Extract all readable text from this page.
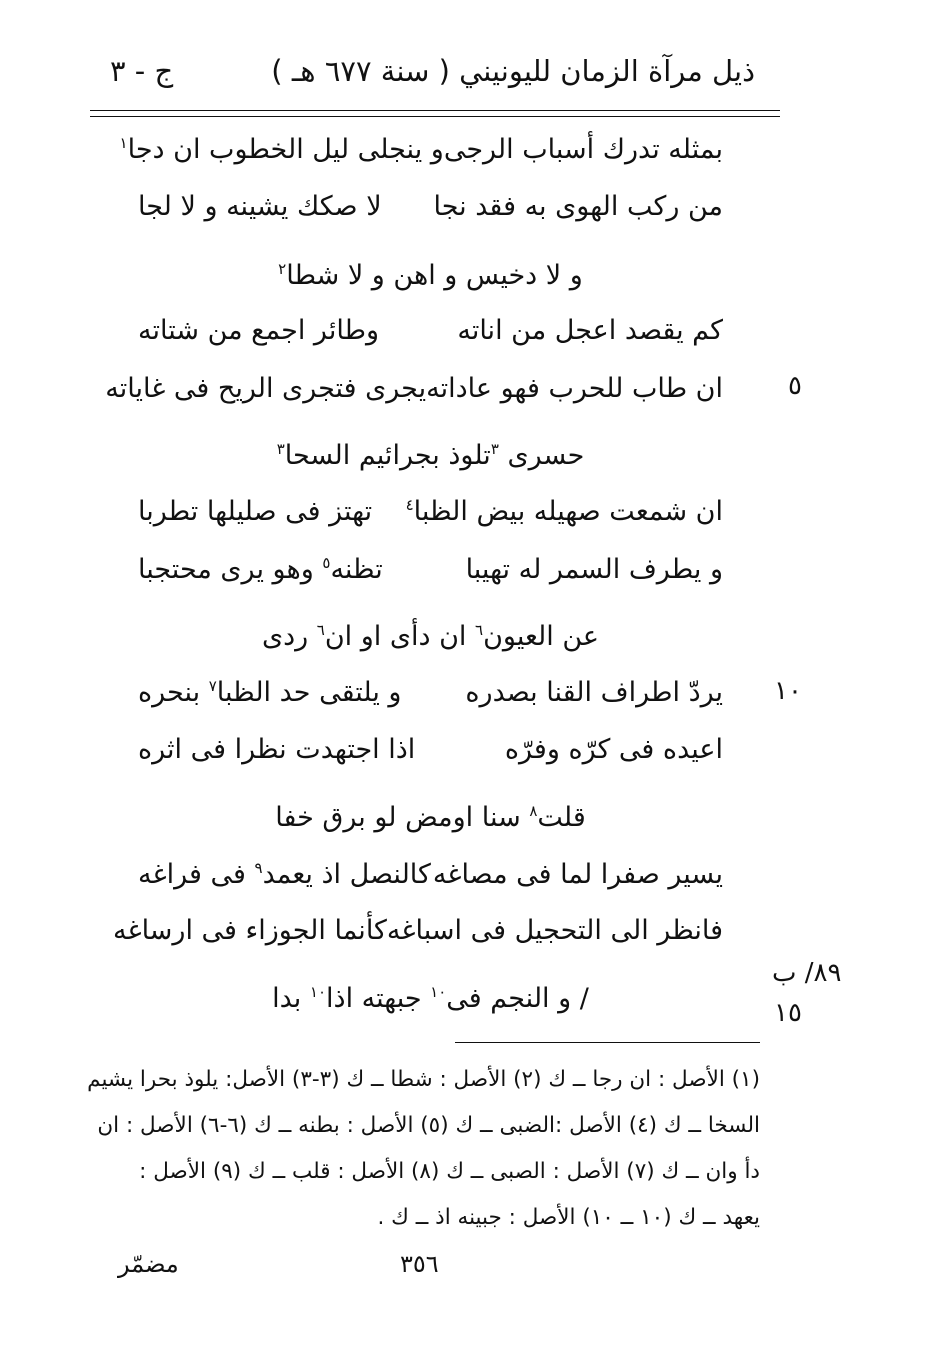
ذيل مرآة الزمان لليونيني ( سنة ٦٧٧ هـ )
ج - ٣
بمثله تدرك أسباب الرجى
و ينجلى ليل الخطوب ان دجا$^١$
من ركب الهوى به فقد نجا
لا صكك يشينه و لا لجا
و لا دخيس و اهن و لا شطا$^٢$
كم يقصد اعجل من اناته
وطائر اجمع من شتاته
ان طاب للحرب فهو عاداته
يجرى فتجرى الريح فى غاياته	٥
حسرى $^٣$تلوذ بجرائيم السحا$^٣$
ان شمعت صهيله بيض الظبا$^٤$
تهتز فى صليلها تطربا
و يطرف السمر له تهيبا
تظنه$^٥$ وهو يرى محتجبا
عن العيون$^٦$ ان دأى او ان$^٦$ ردى
يردّ اطراف القنا بصدره
و يلتقى حد الظبا$^٧$ بنحره	١٠
اعيده فى كرّه وفرّه
اذا اجتهدت نظرا فى اثره
قلت$^٨$ سنا اومض لو برق خفا
يسير صفرا لما فى مصاغه
كالنصل اذ يعمد$^٩$ فى فراغه
فانظر الى التحجيل فى اسباغه
كأنما الجوزاء فى ارساغه
/ و النجم فى$^{١٠}$ جبهته اذا$^{١٠}$ بدا
٨٩/ ب
١٥
(١) الأصل : ان رجا ــ ك (٢) الأصل : شطا ــ ك (٣-٣) الأصل: يلوذ بحرا يشيم
السخا ــ ك (٤) الأصل :الضبى ــ ك (٥) الأصل : بطنه ــ ك (٦-٦) الأصل : ان
دأ وان ــ ك (٧) الأصل : الصبى ــ ك (٨) الأصل : قلب ــ ك (٩) الأصل :
يعهد ــ ك (١٠ ــ ١٠) الأصل : جبينه اذ ــ ك .
٣٥٦
مضمّر
